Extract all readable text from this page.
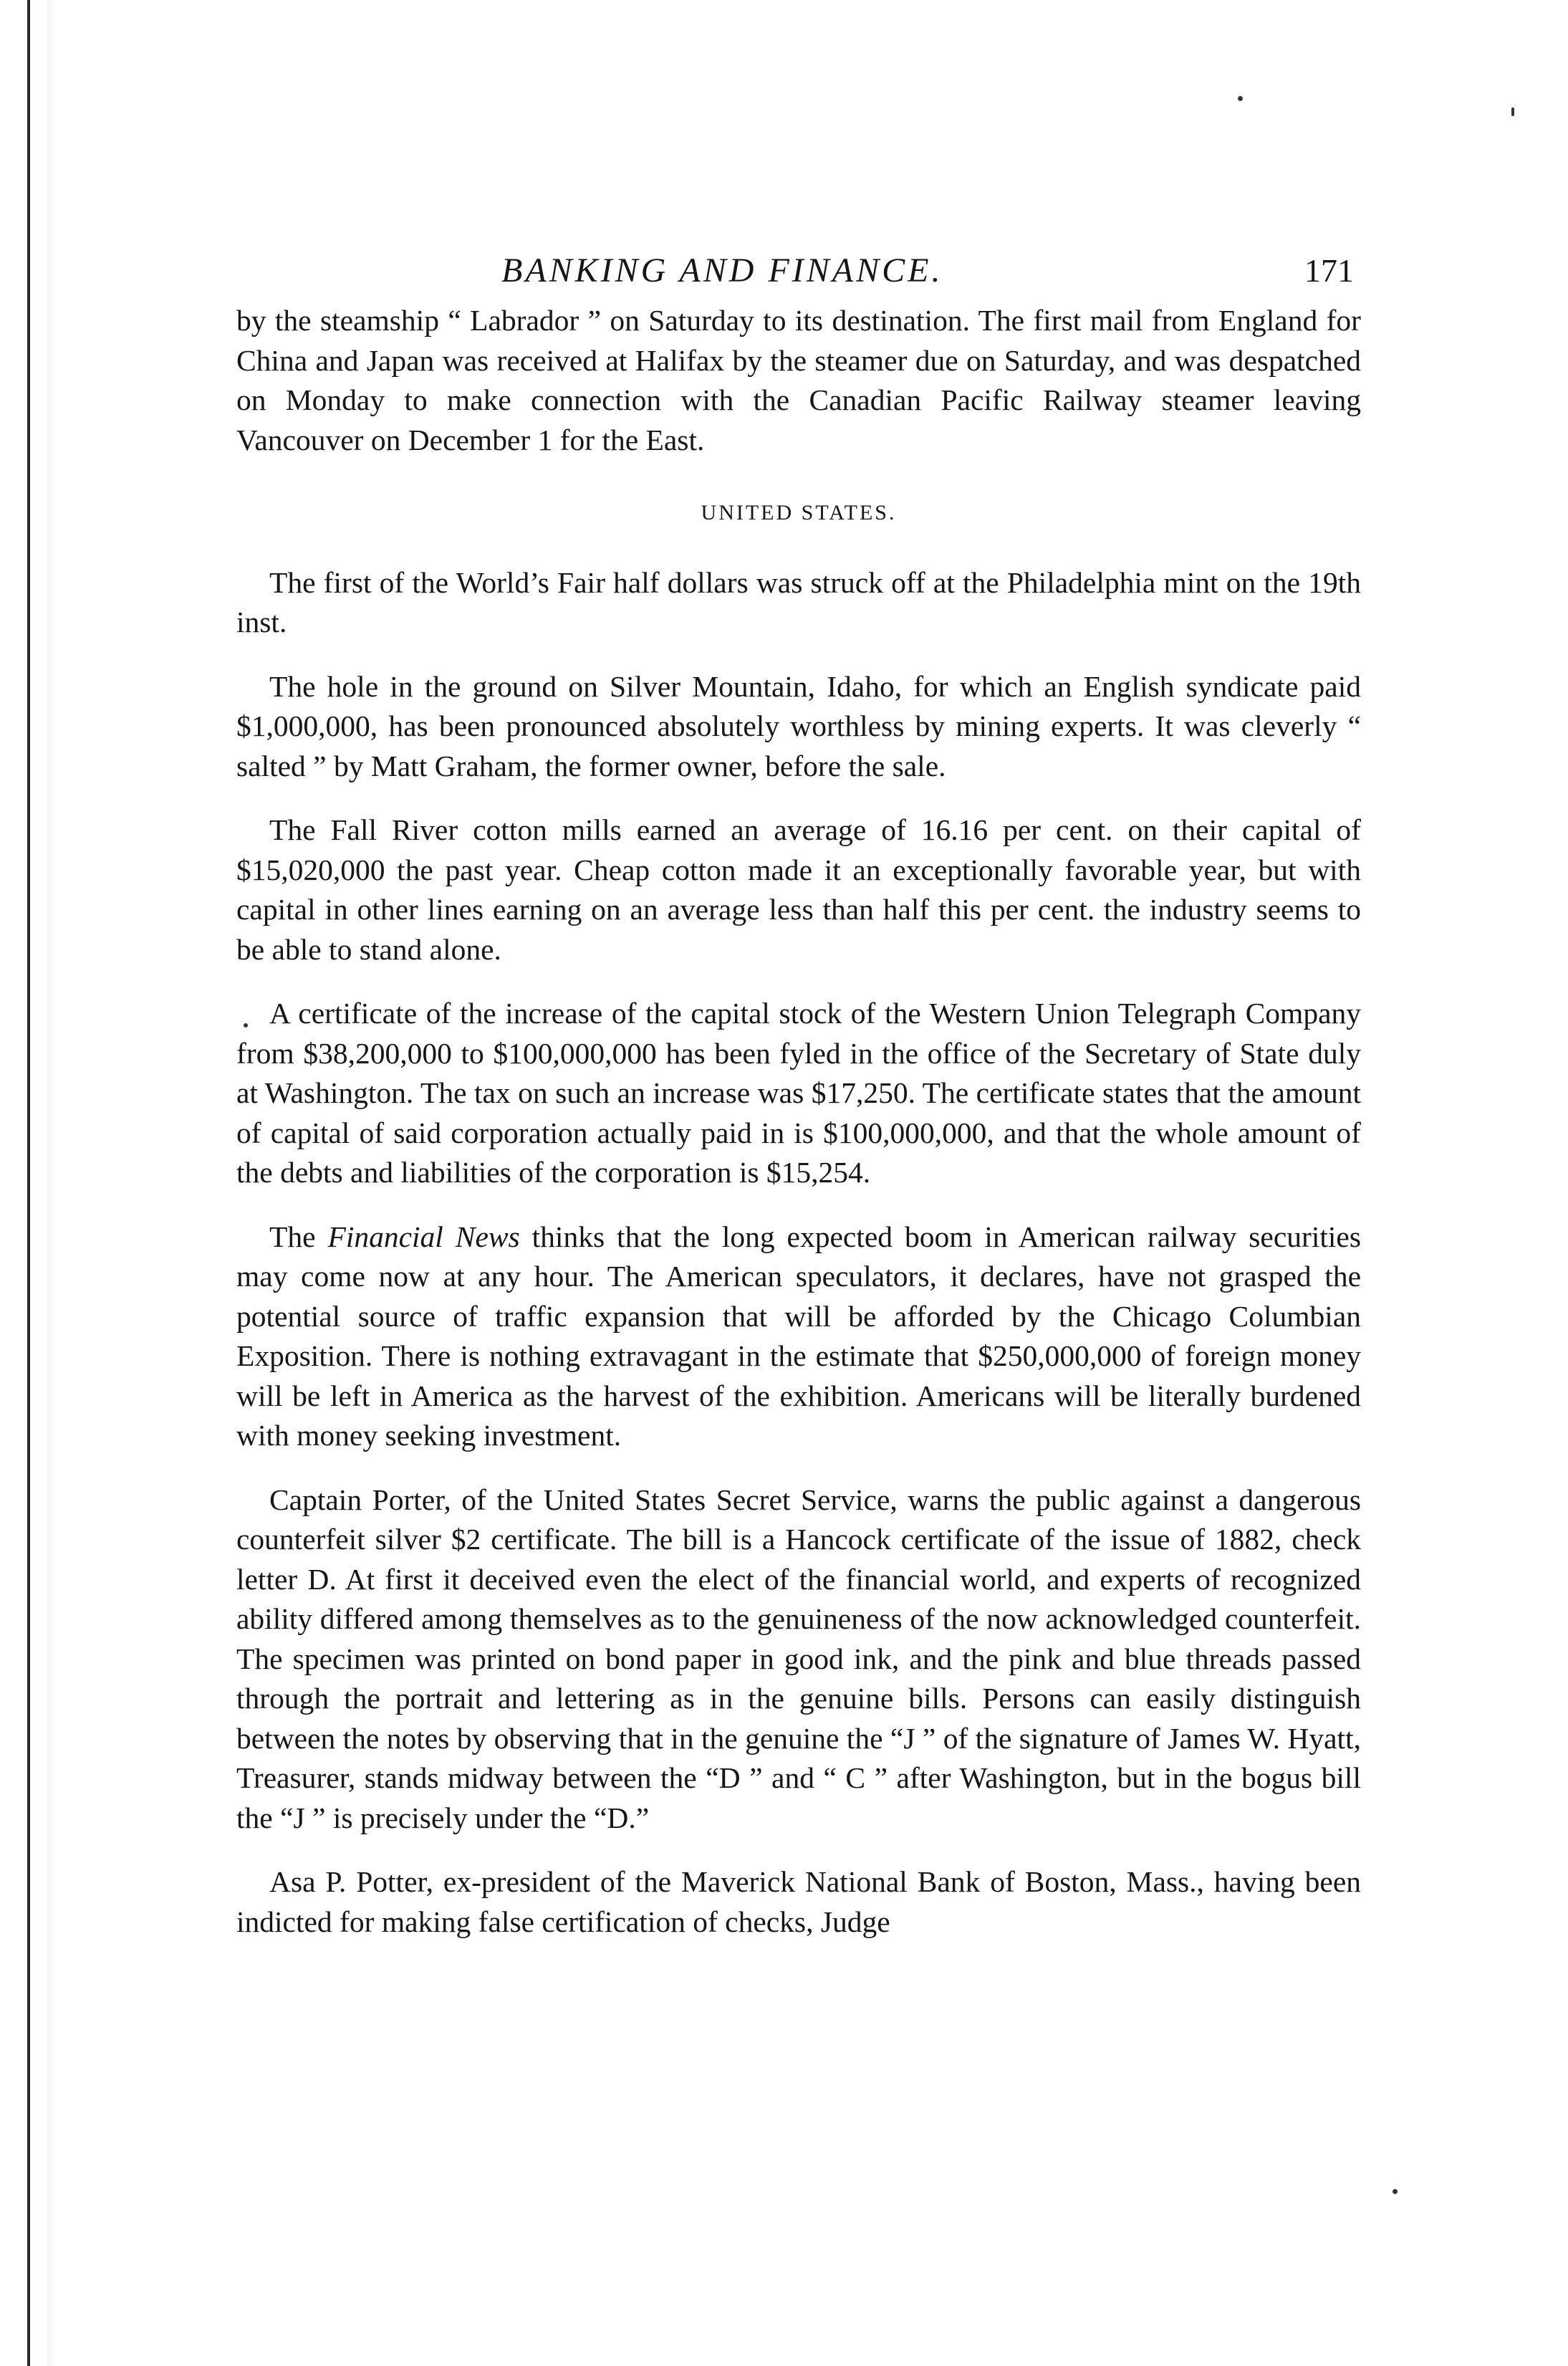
BANKING AND FINANCE.	171

by the steamship “ Labrador ” on Saturday to its destination. The first mail from England for China and Japan was received at Halifax by the steamer due on Saturday, and was despatched on Monday to make connection with the Canadian Pacific Railway steamer leaving Vancouver on December 1 for the East.

UNITED STATES.

The first of the World’s Fair half dollars was struck off at the Philadelphia mint on the 19th inst.

The hole in the ground on Silver Mountain, Idaho, for which an English syndicate paid $1,000,000, has been pronounced absolutely worthless by mining experts. It was cleverly “ salted ” by Matt Graham, the former owner, before the sale.

The Fall River cotton mills earned an average of 16.16 per cent. on their capital of $15,020,000 the past year. Cheap cotton made it an exceptionally favorable year, but with capital in other lines earning on an average less than half this per cent. the industry seems to be able to stand alone.

A certificate of the increase of the capital stock of the Western Union Telegraph Company from $38,200,000 to $100,000,000 has been fyled in the office of the Secretary of State duly at Washington. The tax on such an increase was $17,250. The certificate states that the amount of capital of said corporation actually paid in is $100,000,000, and that the whole amount of the debts and liabilities of the corporation is $15,254.

The Financial News thinks that the long expected boom in American railway securities may come now at any hour. The American speculators, it declares, have not grasped the potential source of traffic expansion that will be afforded by the Chicago Columbian Exposition. There is nothing extravagant in the estimate that $250,000,000 of foreign money will be left in America as the harvest of the exhibition. Americans will be literally burdened with money seeking investment.

Captain Porter, of the United States Secret Service, warns the public against a dangerous counterfeit silver $2 certificate. The bill is a Hancock certificate of the issue of 1882, check letter D. At first it deceived even the elect of the financial world, and experts of recognized ability differed among themselves as to the genuineness of the now acknowledged counterfeit. The specimen was printed on bond paper in good ink, and the pink and blue threads passed through the portrait and lettering as in the genuine bills. Persons can easily distinguish between the notes by observing that in the genuine the “J ” of the signature of James W. Hyatt, Treasurer, stands midway between the “D ” and “ C ” after Washington, but in the bogus bill the “J ” is precisely under the “D.”

Asa P. Potter, ex-president of the Maverick National Bank of Boston, Mass., having been indicted for making false certification of checks, Judge
